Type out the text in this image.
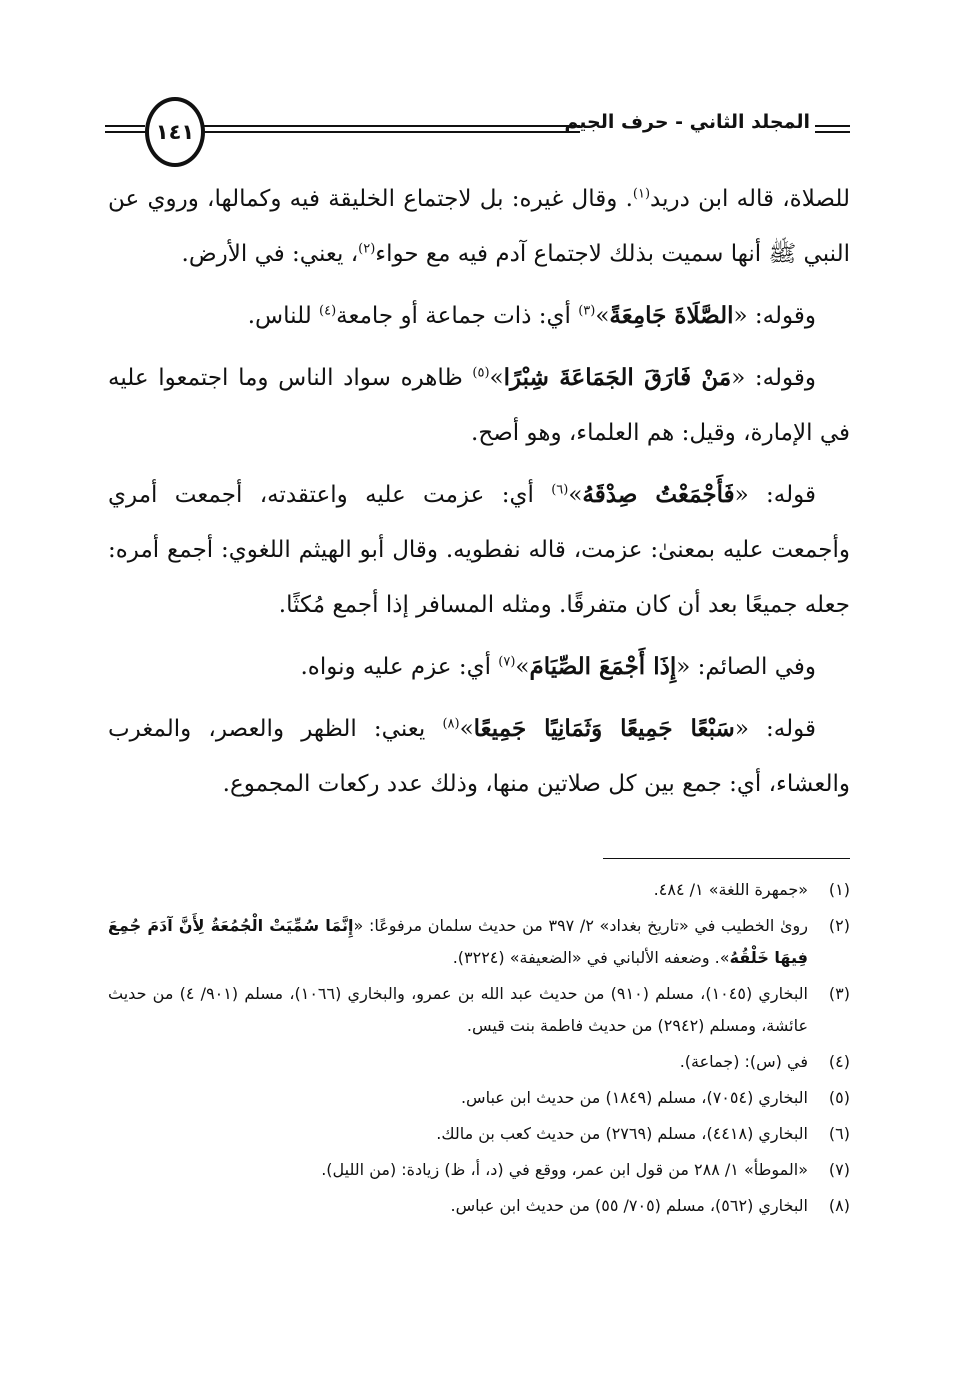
المجلد الثاني - حرف الجيم
١٤١

للصلاة، قاله ابن دريد$^{(١)}$. وقال غيره: بل لاجتماع الخليقة فيه وكمالها، وروي عن النبي ﷺ أنها سميت بذلك لاجتماع آدم فيه مع حواء$^{(٢)}$، يعني: في الأرض.

وقوله: «الصَّلَاةَ جَامِعَةً»$^{(٣)}$ أي: ذات جماعة أو جامعة$^{(٤)}$ للناس.

وقوله: «مَنْ فَارَقَ الجَمَاعَةَ شِبْرًا»$^{(٥)}$ ظاهره سواد الناس وما اجتمعوا عليه في الإمارة، وقيل: هم العلماء، وهو أصح.

قوله: «فَأَجْمَعْتُ صِدْقَهُ»$^{(٦)}$ أي: عزمت عليه واعتقدته، أجمعت أمري وأجمعت عليه بمعنىٰ: عزمت، قاله نفطويه. وقال أبو الهيثم اللغوي: أجمع أمره: جعله جميعًا بعد أن كان متفرقًا. ومثله المسافر إذا أجمع مُكثًا.

وفي الصائم: «إِذَا أَجْمَعَ الصِّيَامَ»$^{(٧)}$ أي: عزم عليه ونواه.

قوله: «سَبْعًا جَمِيعًا وَثَمَانِيًا جَمِيعًا»$^{(٨)}$ يعني: الظهر والعصر، والمغرب والعشاء، أي: جمع بين كل صلاتين منها، وذلك عدد ركعات المجموع.

(١)
«جمهرة اللغة» ١/ ٤٨٤.
(٢)
روىٰ الخطيب في «تاريخ بغداد» ٢/ ٣٩٧ من حديث سلمان مرفوعًا: «إِنَّمَا سُمِّيَتْ الْجُمُعَةُ لِأَنَّ آدَمَ جُمِعَ فِيهَا خَلْقُهُ». وضعفه الألباني في «الضعيفة» (٣٢٢٤).
(٣)
البخاري (١٠٤٥)، مسلم (٩١٠) من حديث عبد الله بن عمرو، والبخاري (١٠٦٦)، مسلم (٩٠١/ ٤) من حديث عائشة، ومسلم (٢٩٤٢) من حديث فاطمة بنت قيس.
(٤)
في (س): (جماعة).
(٥)
البخاري (٧٠٥٤)، مسلم (١٨٤٩) من حديث ابن عباس.
(٦)
البخاري (٤٤١٨)، مسلم (٢٧٦٩) من حديث كعب بن مالك.
(٧)
«الموطأ» ١/ ٢٨٨ من قول ابن عمر، ووقع في (د، أ، ظ) زيادة: (من الليل).
(٨)
البخاري (٥٦٢)، مسلم (٧٠٥/ ٥٥) من حديث ابن عباس.
